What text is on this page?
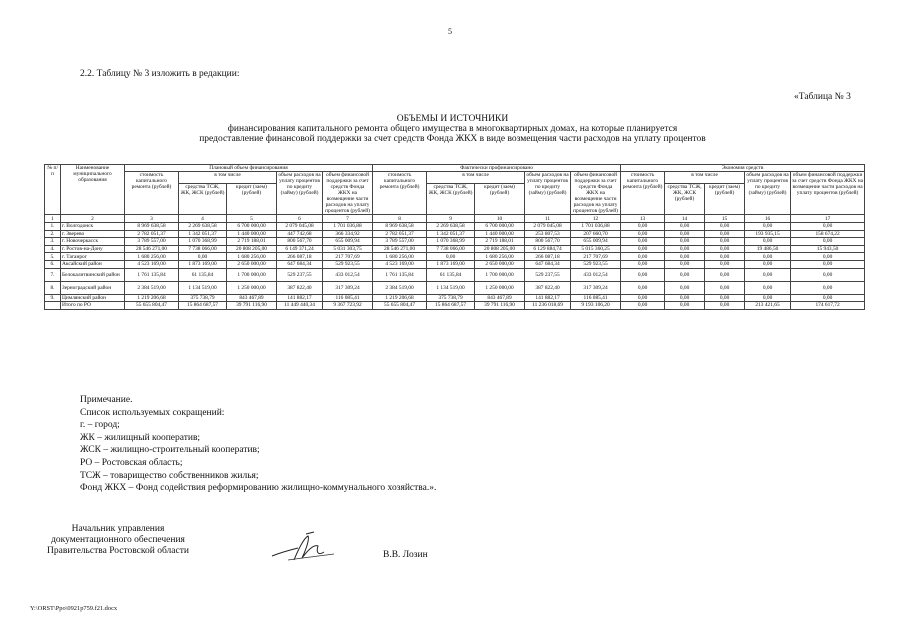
5
2.2. Таблицу № 3 изложить в редакции:
«Таблица № 3
ОБЪЕМЫ И ИСТОЧНИКИ
финансирования капитального ремонта общего имущества в многоквартирных домах, на которые планируется
предоставление финансовой поддержки за счет средств Фонда ЖКХ в виде возмещения части расходов на уплату процентов
№ п/п	Наименование муниципального образования	Плановый объем финансирования					Фактически профинансировано					Экономия средств				
		стоимость капитального ремонта (рублей)	в том числе		объем расходов на уплату процентов по кредиту (займу) (рублей)	объем финансовой поддержки за счет средств Фонда ЖКХ на возмещение части расходов на уплату процентов (рублей)	стоимость капитального ремонта (рублей)	в том числе		объем расходов на уплату процентов по кредиту (займу) (рублей)	объем финансовой поддержки за счет средств Фонда ЖКХ на возмещение части расходов на уплату процентов (рублей)	стоимость капитального ремонта (рублей)	в том числе		объем расходов на уплату процентов по кредиту (займу) (рублей)	объем финансовой поддержки за счет средств Фонда ЖКХ на возмещение части расходов на уплату процентов (рублей)
			средства ТСЖ, ЖК, ЖСК (рублей)	кредит (заем) (рублей)				средства ТСЖ, ЖК, ЖСК (рублей)	кредит (заем) (рублей)				средства ТСЖ, ЖК, ЖСК (рублей)	кредит (заем) (рублей)		
1	2	3	4	5	6	7	8	9	10	11	12	13	14	15	16	17
1.	г. Волгодонск	8 969 638,58	2 269 638,58	6 700 000,00	2 079 045,08	1 701 036,88	8 969 638,58	2 269 638,58	6 700 000,00	2 079 045,08	1 701 036,88	0,00	0,00	0,00	0,00	0,00
2.	г. Зверево	2 782 051,37	1 342 051,37	1 440 000,00	447 742,68	366 334,92	2 782 051,37	1 342 051,37	1 440 000,00	253 807,53	207 660,70	0,00	0,00	0,00	193 935,15	158 674,22
3.	г. Новочеркасск	3 789 557,00	1 070 368,99	2 719 188,01	800 567,70	655 009,94	3 789 557,00	1 070 368,99	2 719 188,01	800 567,70	655 009,94	0,00	0,00	0,00	0,00	0,00
4.	г. Ростов-на-Дону	28 546 271,00	7 738 066,00	20 808 205,00	6 149 371,24	5 031 303,75	28 546 271,00	7 738 066,00	20 808 205,00	6 129 884,74	5 015 360,25	0,00	0,00	0,00	19 486,50	15 943,50
5.	г. Таганрог	1 680 256,00	0,00	1 680 256,00	266 087,18	217 707,69	1 680 256,00	0,00	1 680 256,00	266 087,18	217 707,69	0,00	0,00	0,00	0,00	0,00
6.	Аксайский район	4 523 169,00	1 873 169,00	2 650 000,00	647 684,34	529 923,55	4 523 169,00	1 873 169,00	2 650 000,00	647 684,34	529 923,55	0,00	0,00	0,00	0,00	0,00
7.	Белокалитвинский район	1 761 135,84	61 135,84	1 700 000,00	529 237,55	433 012,54	1 761 135,84	61 135,84	1 700 000,00	529 237,55	433 012,54	0,00	0,00	0,00	0,00	0,00
8.	Зерноградский район	2 384 519,00	1 134 519,00	1 250 000,00	387 822,40	317 309,24	2 384 519,00	1 134 519,00	1 250 000,00	387 822,40	317 309,24	0,00	0,00	0,00	0,00	0,00
9.	Цимлянский район	1 219 206,68	375 738,79	843 467,89	141 882,17	116 085,41	1 219 206,68	375 738,79	843 467,89	141 882,17	116 085,41	0,00	0,00	0,00	0,00	0,00
	Итого по РО	55 655 804,47	15 864 687,57	39 791 116,90	11 449 440,34	9 367 723,92	55 655 804,47	15 864 687,57	39 791 116,90	11 236 018,69	9 193 106,20	0,00	0,00	0,00	213 421,65	174 617,72
Примечание.
Список используемых сокращений:
г. – город;
ЖК – жилищный кооператив;
ЖСК – жилищно-строительный кооператив;
РО – Ростовская область;
ТСЖ – товарищество собственников жилья;
Фонд ЖКХ – Фонд содействия реформированию жилищно-коммунального хозяйства.».
Начальник управления
документационного обеспечения
Правительства Ростовской области	В.В. Лозин
Y:\ORST\Ppo\0921p759.f21.docx
